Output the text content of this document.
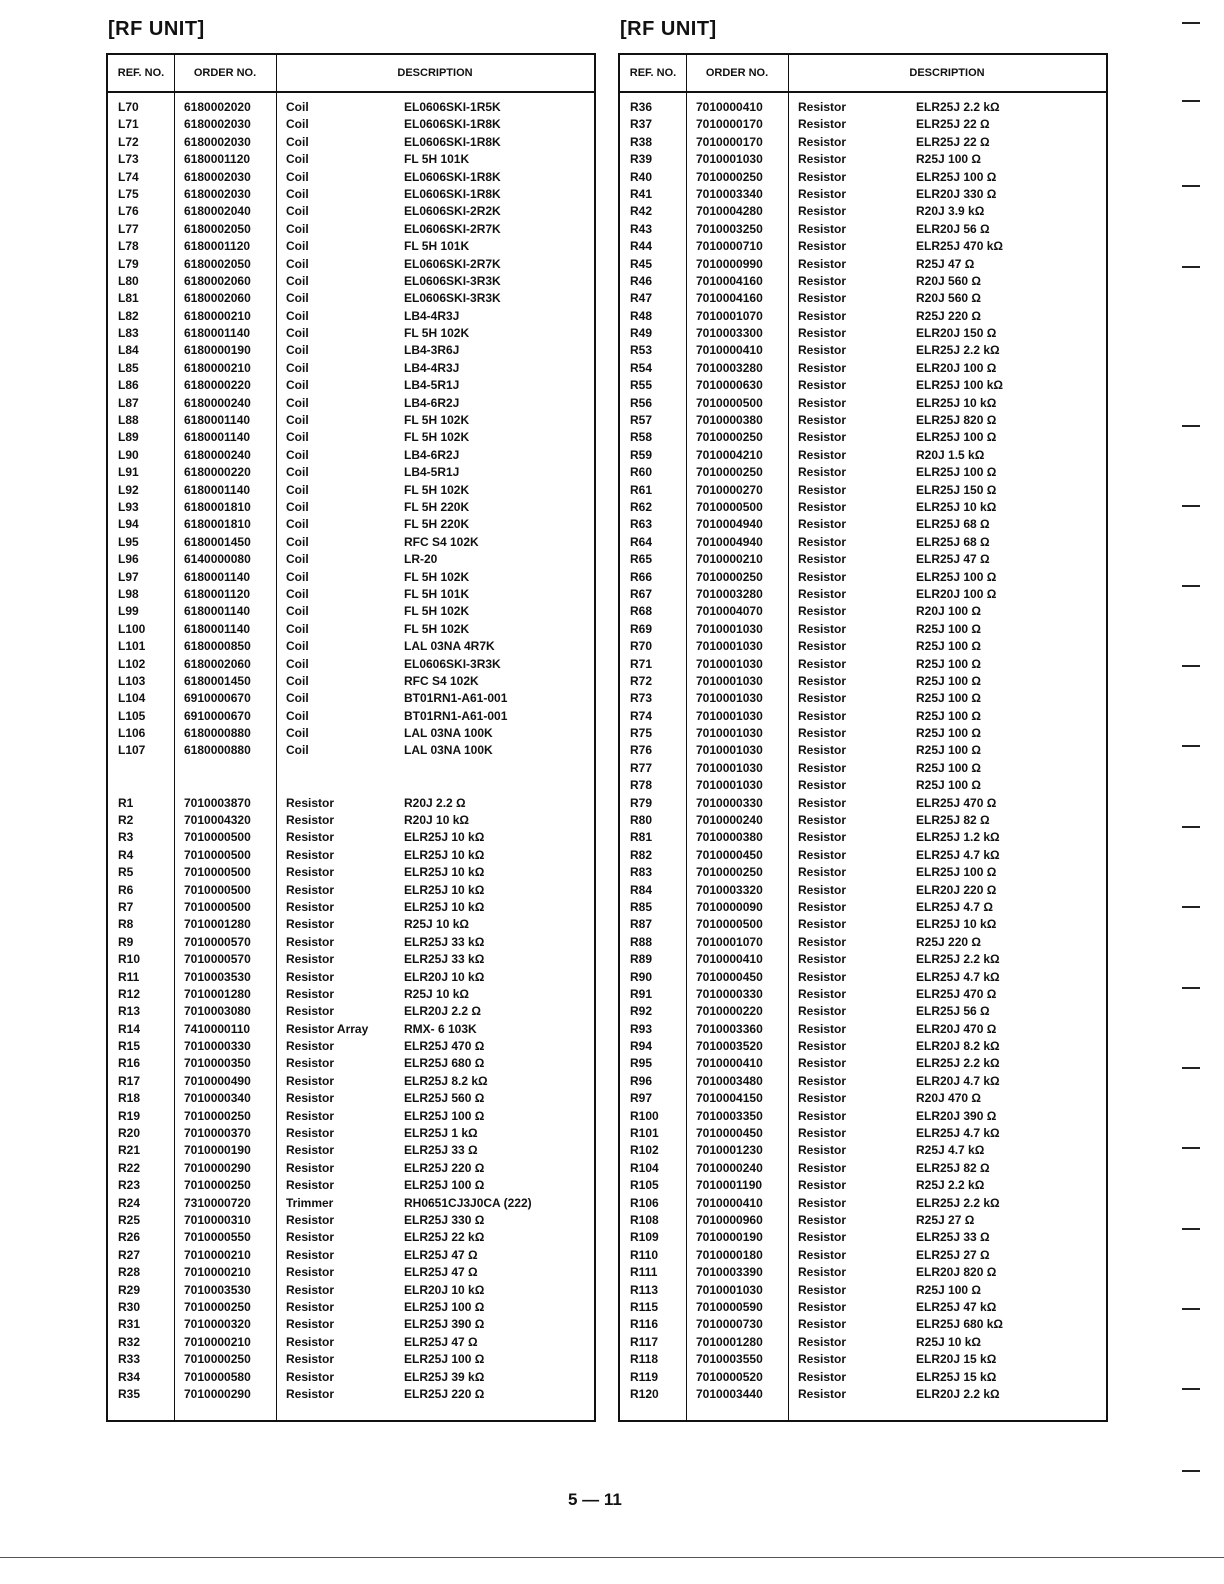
[RF UNIT]
REF. NO.	ORDER NO.	DESCRIPTION
L70	6180002020	Coil	EL0606SKI-1R5K
L71	6180002030	Coil	EL0606SKI-1R8K
L72	6180002030	Coil	EL0606SKI-1R8K
L73	6180001120	Coil	FL 5H 101K
L74	6180002030	Coil	EL0606SKI-1R8K
L75	6180002030	Coil	EL0606SKI-1R8K
L76	6180002040	Coil	EL0606SKI-2R2K
L77	6180002050	Coil	EL0606SKI-2R7K
L78	6180001120	Coil	FL 5H 101K
L79	6180002050	Coil	EL0606SKI-2R7K
L80	6180002060	Coil	EL0606SKI-3R3K
L81	6180002060	Coil	EL0606SKI-3R3K
L82	6180000210	Coil	LB4-4R3J
L83	6180001140	Coil	FL 5H 102K
L84	6180000190	Coil	LB4-3R6J
L85	6180000210	Coil	LB4-4R3J
L86	6180000220	Coil	LB4-5R1J
L87	6180000240	Coil	LB4-6R2J
L88	6180001140	Coil	FL 5H 102K
L89	6180001140	Coil	FL 5H 102K
L90	6180000240	Coil	LB4-6R2J
L91	6180000220	Coil	LB4-5R1J
L92	6180001140	Coil	FL 5H 102K
L93	6180001810	Coil	FL 5H 220K
L94	6180001810	Coil	FL 5H 220K
L95	6180001450	Coil	RFC S4 102K
L96	6140000080	Coil	LR-20
L97	6180001140	Coil	FL 5H 102K
L98	6180001120	Coil	FL 5H 101K
L99	6180001140	Coil	FL 5H 102K
L100	6180001140	Coil	FL 5H 102K
L101	6180000850	Coil	LAL 03NA 4R7K
L102	6180002060	Coil	EL0606SKI-3R3K
L103	6180001450	Coil	RFC S4 102K
L104	6910000670	Coil	BT01RN1-A61-001
L105	6910000670	Coil	BT01RN1-A61-001
L106	6180000880	Coil	LAL 03NA 100K
L107	6180000880	Coil	LAL 03NA 100K
R1	7010003870	Resistor	R20J 2.2 Ω
R2	7010004320	Resistor	R20J 10 kΩ
R3	7010000500	Resistor	ELR25J 10 kΩ
R4	7010000500	Resistor	ELR25J 10 kΩ
R5	7010000500	Resistor	ELR25J 10 kΩ
R6	7010000500	Resistor	ELR25J 10 kΩ
R7	7010000500	Resistor	ELR25J 10 kΩ
R8	7010001280	Resistor	R25J 10 kΩ
R9	7010000570	Resistor	ELR25J 33 kΩ
R10	7010000570	Resistor	ELR25J 33 kΩ
R11	7010003530	Resistor	ELR20J 10 kΩ
R12	7010001280	Resistor	R25J 10 kΩ
R13	7010003080	Resistor	ELR20J 2.2 Ω
R14	7410000110	Resistor Array	RMX- 6 103K
R15	7010000330	Resistor	ELR25J 470 Ω
R16	7010000350	Resistor	ELR25J 680 Ω
R17	7010000490	Resistor	ELR25J 8.2 kΩ
R18	7010000340	Resistor	ELR25J 560 Ω
R19	7010000250	Resistor	ELR25J 100 Ω
R20	7010000370	Resistor	ELR25J 1 kΩ
R21	7010000190	Resistor	ELR25J 33 Ω
R22	7010000290	Resistor	ELR25J 220 Ω
R23	7010000250	Resistor	ELR25J 100 Ω
R24	7310000720	Trimmer	RH0651CJ3J0CA (222)
R25	7010000310	Resistor	ELR25J 330 Ω
R26	7010000550	Resistor	ELR25J 22 kΩ
R27	7010000210	Resistor	ELR25J 47 Ω
R28	7010000210	Resistor	ELR25J 47 Ω
R29	7010003530	Resistor	ELR20J 10 kΩ
R30	7010000250	Resistor	ELR25J 100 Ω
R31	7010000320	Resistor	ELR25J 390 Ω
R32	7010000210	Resistor	ELR25J 47 Ω
R33	7010000250	Resistor	ELR25J 100 Ω
R34	7010000580	Resistor	ELR25J 39 kΩ
R35	7010000290	Resistor	ELR25J 220 Ω
[RF UNIT]
REF. NO.	ORDER NO.	DESCRIPTION
R36	7010000410	Resistor	ELR25J 2.2 kΩ
R37	7010000170	Resistor	ELR25J 22 Ω
R38	7010000170	Resistor	ELR25J 22 Ω
R39	7010001030	Resistor	R25J 100 Ω
R40	7010000250	Resistor	ELR25J 100 Ω
R41	7010003340	Resistor	ELR20J 330 Ω
R42	7010004280	Resistor	R20J 3.9 kΩ
R43	7010003250	Resistor	ELR20J 56 Ω
R44	7010000710	Resistor	ELR25J 470 kΩ
R45	7010000990	Resistor	R25J 47 Ω
R46	7010004160	Resistor	R20J 560 Ω
R47	7010004160	Resistor	R20J 560 Ω
R48	7010001070	Resistor	R25J 220 Ω
R49	7010003300	Resistor	ELR20J 150 Ω
R53	7010000410	Resistor	ELR25J 2.2 kΩ
R54	7010003280	Resistor	ELR20J 100 Ω
R55	7010000630	Resistor	ELR25J 100 kΩ
R56	7010000500	Resistor	ELR25J 10 kΩ
R57	7010000380	Resistor	ELR25J 820 Ω
R58	7010000250	Resistor	ELR25J 100 Ω
R59	7010004210	Resistor	R20J 1.5 kΩ
R60	7010000250	Resistor	ELR25J 100 Ω
R61	7010000270	Resistor	ELR25J 150 Ω
R62	7010000500	Resistor	ELR25J 10 kΩ
R63	7010004940	Resistor	ELR25J 68 Ω
R64	7010004940	Resistor	ELR25J 68 Ω
R65	7010000210	Resistor	ELR25J 47 Ω
R66	7010000250	Resistor	ELR25J 100 Ω
R67	7010003280	Resistor	ELR20J 100 Ω
R68	7010004070	Resistor	R20J 100 Ω
R69	7010001030	Resistor	R25J 100 Ω
R70	7010001030	Resistor	R25J 100 Ω
R71	7010001030	Resistor	R25J 100 Ω
R72	7010001030	Resistor	R25J 100 Ω
R73	7010001030	Resistor	R25J 100 Ω
R74	7010001030	Resistor	R25J 100 Ω
R75	7010001030	Resistor	R25J 100 Ω
R76	7010001030	Resistor	R25J 100 Ω
R77	7010001030	Resistor	R25J 100 Ω
R78	7010001030	Resistor	R25J 100 Ω
R79	7010000330	Resistor	ELR25J 470 Ω
R80	7010000240	Resistor	ELR25J 82 Ω
R81	7010000380	Resistor	ELR25J 1.2 kΩ
R82	7010000450	Resistor	ELR25J 4.7 kΩ
R83	7010000250	Resistor	ELR25J 100 Ω
R84	7010003320	Resistor	ELR20J 220 Ω
R85	7010000090	Resistor	ELR25J 4.7 Ω
R87	7010000500	Resistor	ELR25J 10 kΩ
R88	7010001070	Resistor	R25J 220 Ω
R89	7010000410	Resistor	ELR25J 2.2 kΩ
R90	7010000450	Resistor	ELR25J 4.7 kΩ
R91	7010000330	Resistor	ELR25J 470 Ω
R92	7010000220	Resistor	ELR25J 56 Ω
R93	7010003360	Resistor	ELR20J 470 Ω
R94	7010003520	Resistor	ELR20J 8.2 kΩ
R95	7010000410	Resistor	ELR25J 2.2 kΩ
R96	7010003480	Resistor	ELR20J 4.7 kΩ
R97	7010004150	Resistor	R20J 470 Ω
R100	7010003350	Resistor	ELR20J 390 Ω
R101	7010000450	Resistor	ELR25J 4.7 kΩ
R102	7010001230	Resistor	R25J 4.7 kΩ
R104	7010000240	Resistor	ELR25J 82 Ω
R105	7010001190	Resistor	R25J 2.2 kΩ
R106	7010000410	Resistor	ELR25J 2.2 kΩ
R108	7010000960	Resistor	R25J 27 Ω
R109	7010000190	Resistor	ELR25J 33 Ω
R110	7010000180	Resistor	ELR25J 27 Ω
R111	7010003390	Resistor	ELR20J 820 Ω
R113	7010001030	Resistor	R25J 100 Ω
R115	7010000590	Resistor	ELR25J 47 kΩ
R116	7010000730	Resistor	ELR25J 680 kΩ
R117	7010001280	Resistor	R25J 10 kΩ
R118	7010003550	Resistor	ELR20J 15 kΩ
R119	7010000520	Resistor	ELR25J 15 kΩ
R120	7010003440	Resistor	ELR20J 2.2 kΩ
5 — 11
